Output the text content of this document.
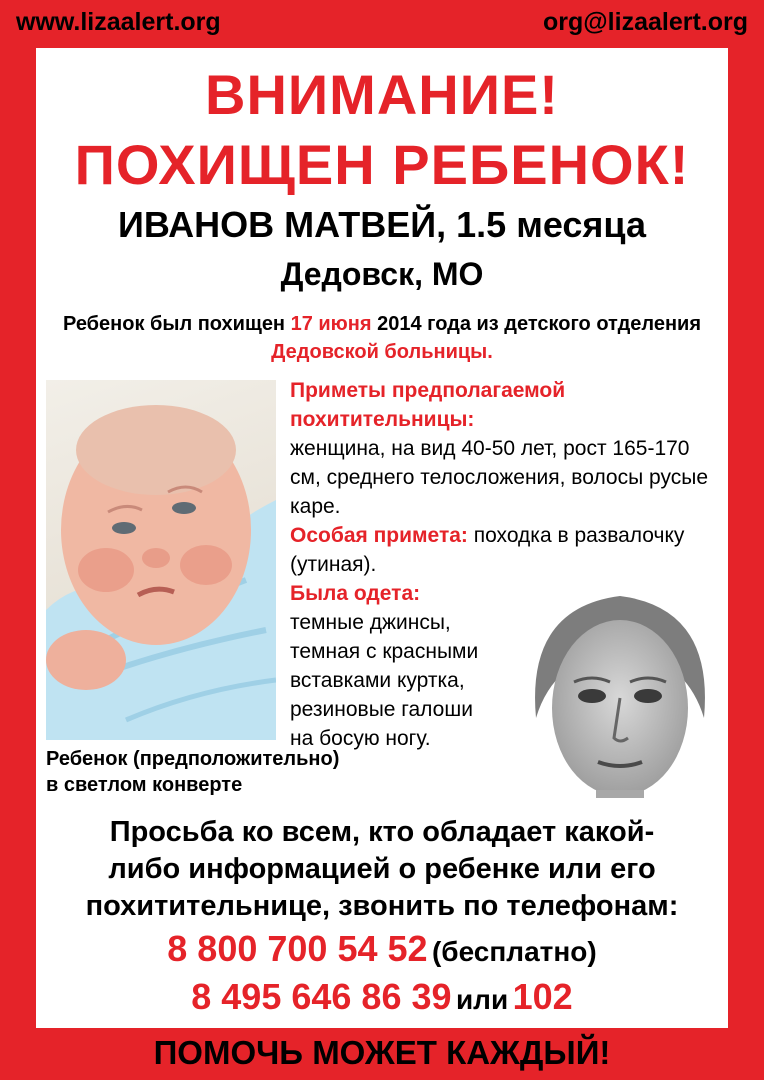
www.lizaalert.org	org@lizaalert.org
ВНИМАНИЕ!
ПОХИЩЕН РЕБЕНОК!
ИВАНОВ МАТВЕЙ, 1.5 месяца
Дедовск, МО
Ребенок был похищен 17 июня 2014 года из детского отделения Дедовской больницы.
Ребенок (предположительно)
в светлом конверте
Приметы предполагаемой похитительницы:
женщина, на вид 40-50 лет, рост 165-170 см, среднего телосложения, волосы русые каре.
Особая примета: походка в развалочку (утиная).
Была одета:
темные джинсы,
темная с красными
вставками куртка,
резиновые галоши
на босую ногу.
Просьба ко всем, кто обладает какой-
либо информацией о ребенке или его
похитительнице, звонить по телефонам:
8 800 700 54 52 (бесплатно)
8 495 646 86 39 или 102
ПОМОЧЬ МОЖЕТ КАЖДЫЙ!
